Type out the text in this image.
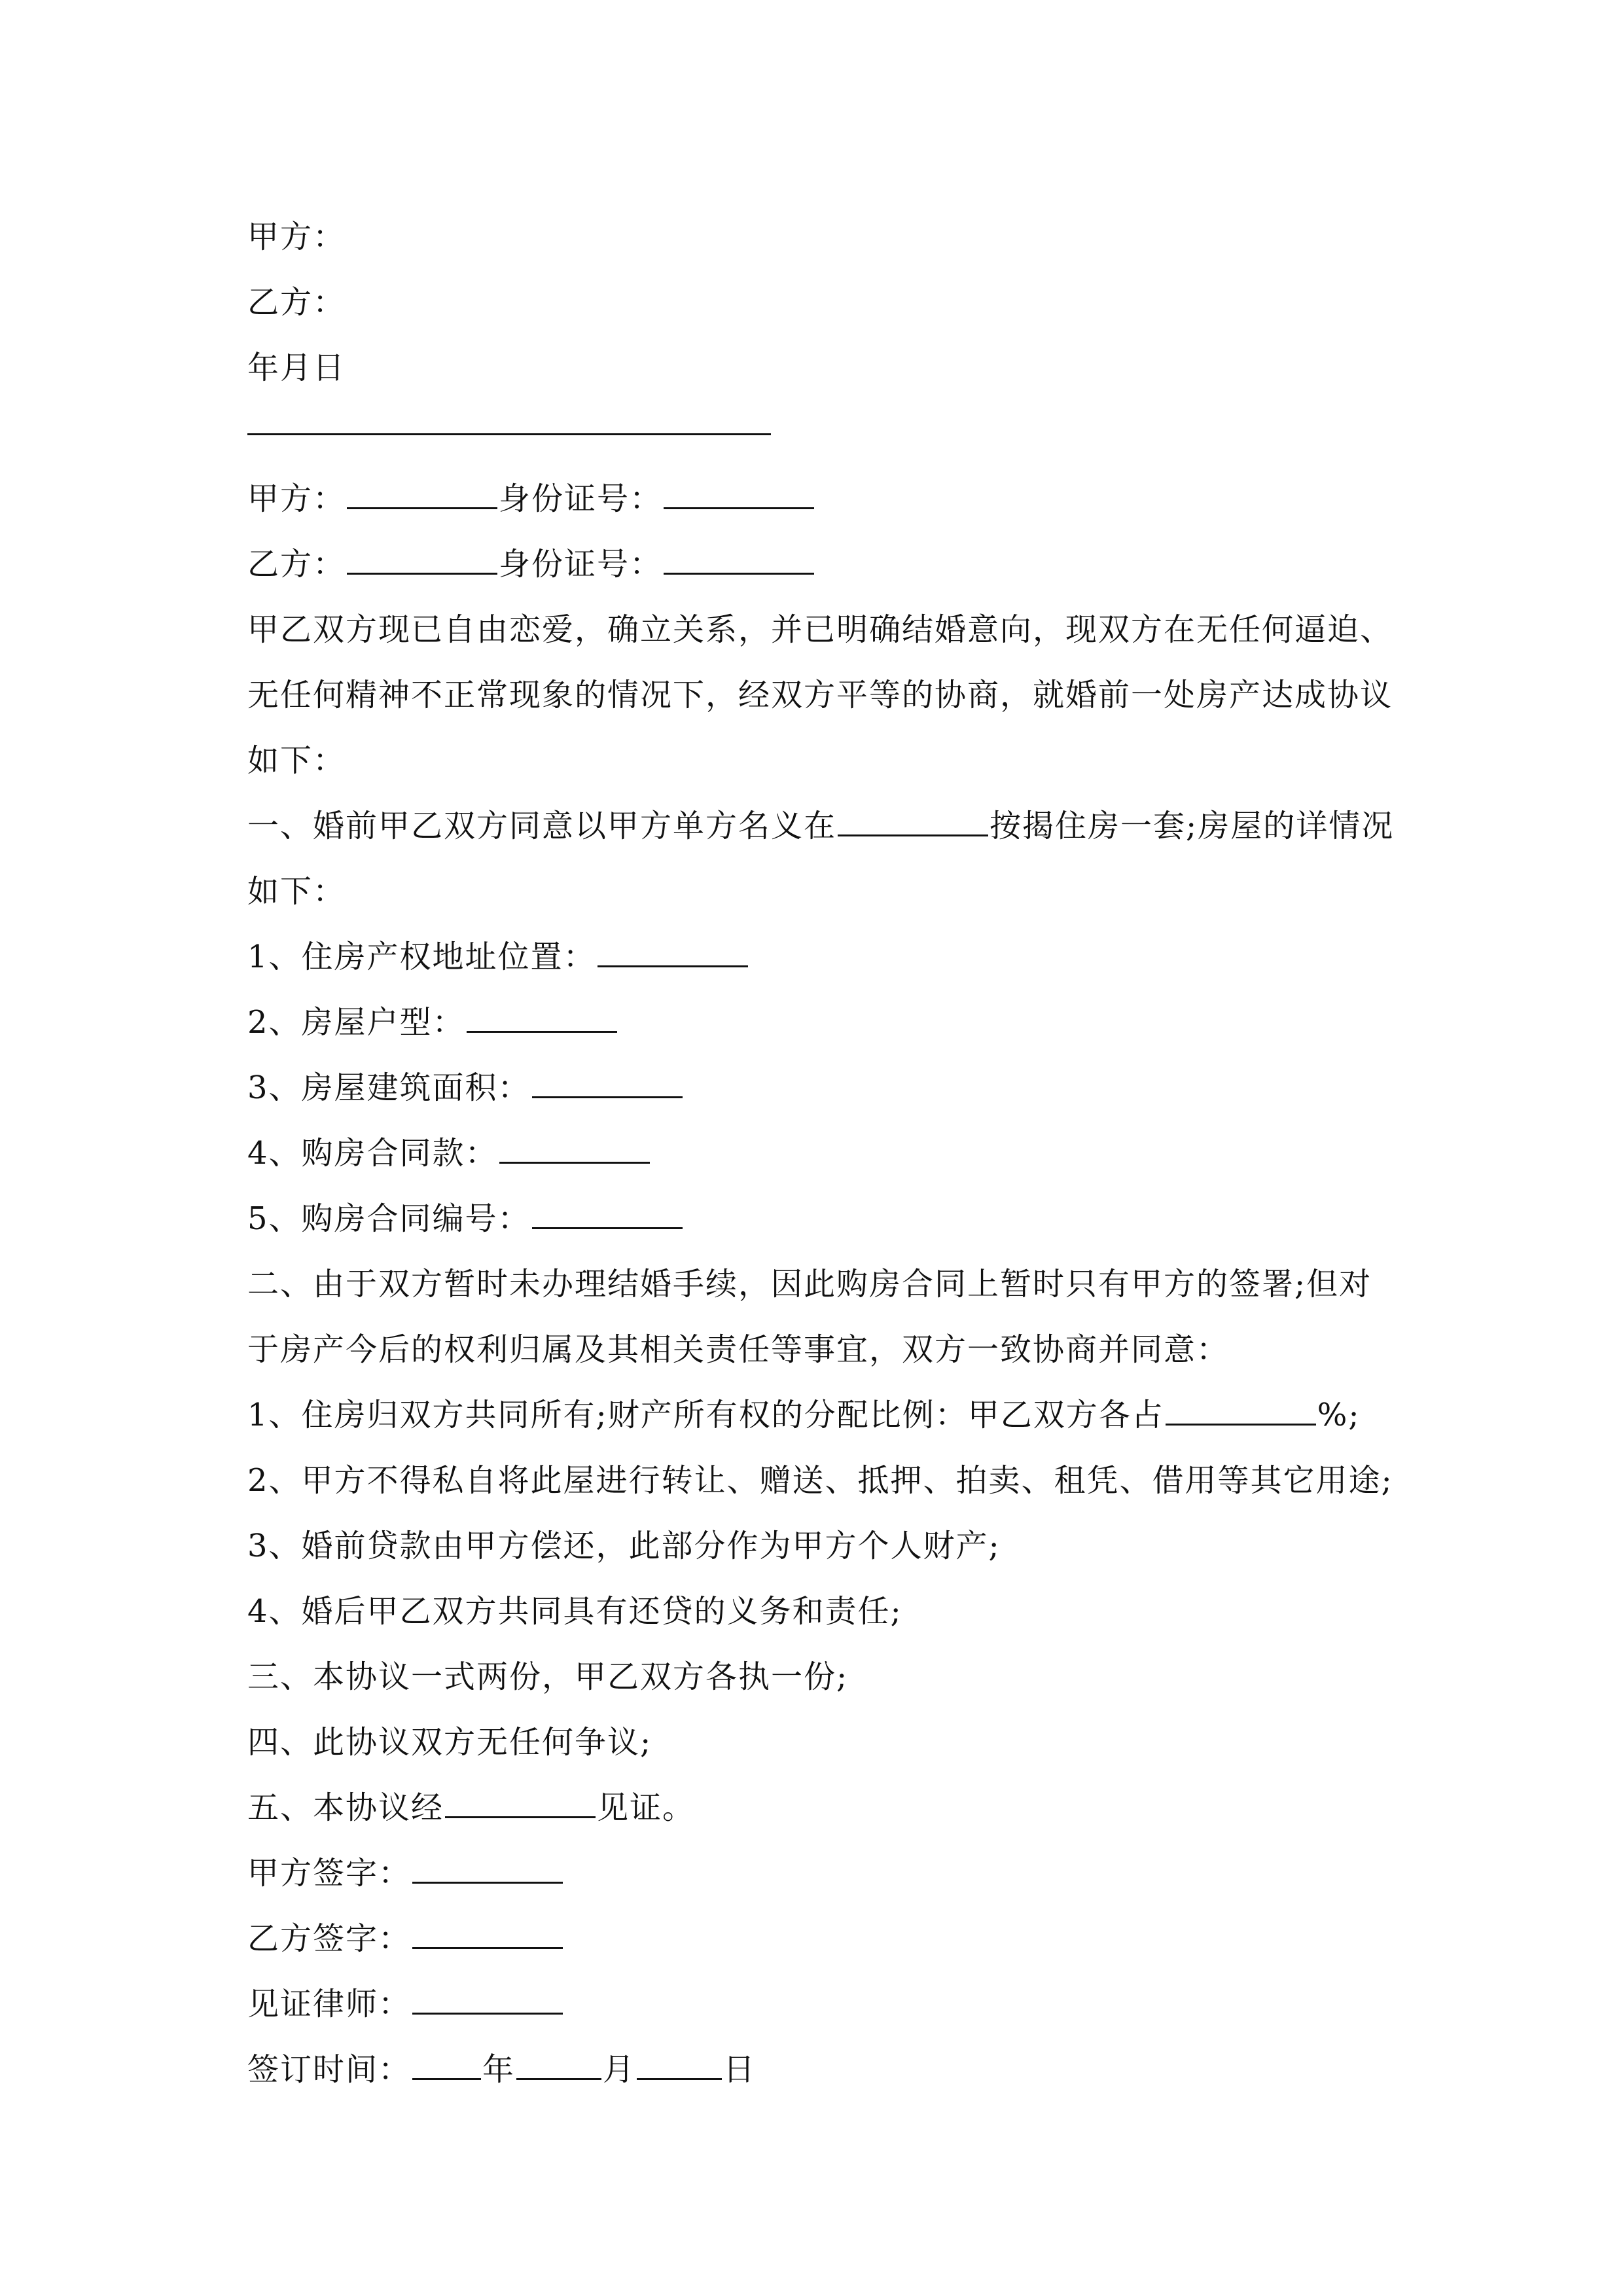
甲方：
乙方：
年月日
甲方：	身份证号：
乙方：	身份证号：
甲乙双方现已自由恋爱，确立关系，并已明确结婚意向，现双方在无任何逼迫、
无任何精神不正常现象的情况下，经双方平等的协商，就婚前一处房产达成协议
如下：
一、婚前甲乙双方同意以甲方单方名义在	按揭住房一套;房屋的详情况
如下：
1、住房产权地址位置：
2、房屋户型：
3、房屋建筑面积：
4、购房合同款：
5、购房合同编号：
二、由于双方暂时未办理结婚手续，因此购房合同上暂时只有甲方的签署;但对
于房产今后的权利归属及其相关责任等事宜，双方一致协商并同意：
1、住房归双方共同所有;财产所有权的分配比例：甲乙双方各占	%;
2、甲方不得私自将此屋进行转让、赠送、抵押、拍卖、租凭、借用等其它用途;
3、婚前贷款由甲方偿还，此部分作为甲方个人财产;
4、婚后甲乙双方共同具有还贷的义务和责任;
三、本协议一式两份，甲乙双方各执一份;
四、此协议双方无任何争议;
五、本协议经	见证。
甲方签字：
乙方签字：
见证律师：
签订时间： 年	月	日
